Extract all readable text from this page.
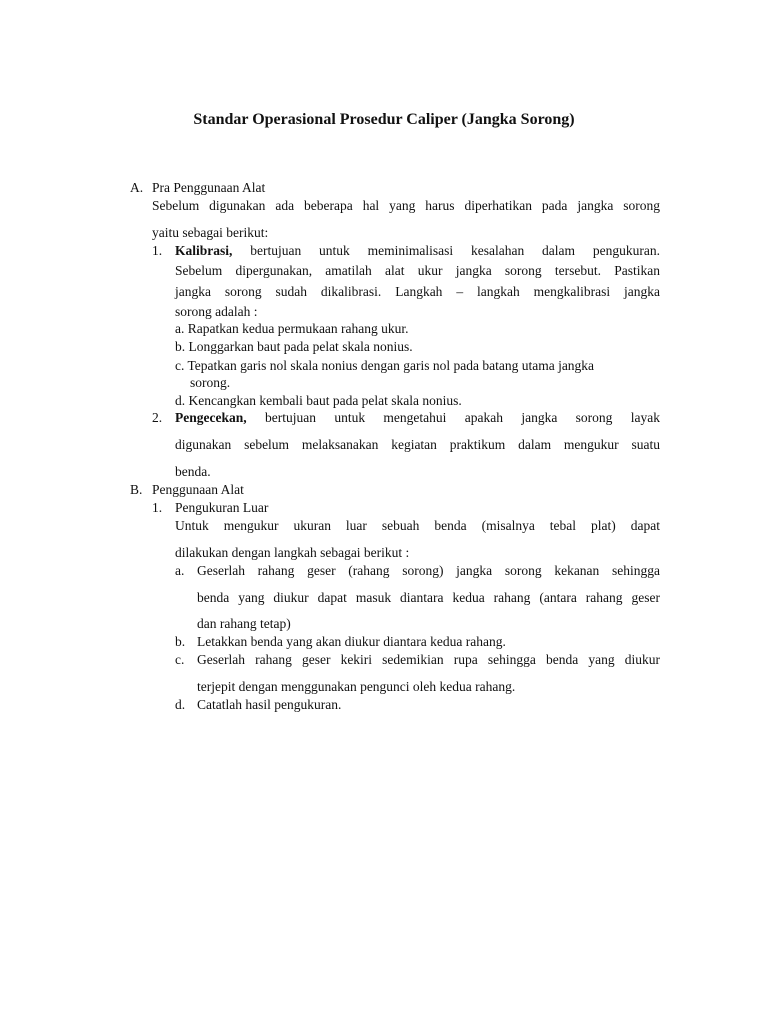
Standar Operasional Prosedur Caliper (Jangka Sorong)
A. Pra Penggunaan Alat
Sebelum digunakan ada beberapa hal yang harus diperhatikan pada jangka sorong
yaitu sebagai berikut:
1. Kalibrasi, bertujuan untuk meminimalisasi kesalahan dalam pengukuran.
Sebelum dipergunakan, amatilah alat ukur jangka sorong tersebut. Pastikan
jangka sorong sudah dikalibrasi. Langkah – langkah mengkalibrasi jangka
sorong adalah :
a. Rapatkan kedua permukaan rahang ukur.
b. Longgarkan baut pada pelat skala nonius.
c. Tepatkan garis nol skala nonius dengan garis nol pada batang utama jangka
sorong.
d. Kencangkan kembali baut pada pelat skala nonius.
2. Pengecekan, bertujuan untuk mengetahui apakah jangka sorong layak
digunakan sebelum melaksanakan kegiatan praktikum dalam mengukur suatu
benda.
B. Penggunaan Alat
1. Pengukuran Luar
Untuk mengukur ukuran luar sebuah benda (misalnya tebal plat) dapat
dilakukan dengan langkah sebagai berikut :
a. Geserlah rahang geser (rahang sorong) jangka sorong kekanan sehingga
benda yang diukur dapat masuk diantara kedua rahang (antara rahang geser
dan rahang tetap)
b. Letakkan benda yang akan diukur diantara kedua rahang.
c. Geserlah rahang geser kekiri sedemikian rupa sehingga benda yang diukur
terjepit dengan menggunakan pengunci oleh kedua rahang.
d. Catatlah hasil pengukuran.
